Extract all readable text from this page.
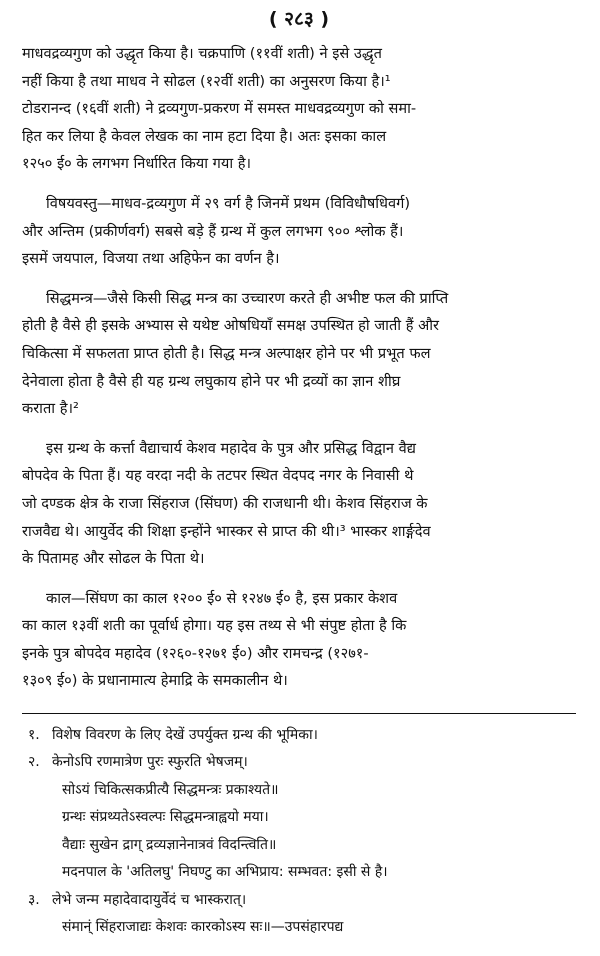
( २८३ )
माधवद्रव्यगुण को उद्धृत किया है। चक्रपाणि (११वीं शती) ने इसे उद्धृत
नहीं किया है तथा माधव ने सोढल (१२वीं शती) का अनुसरण किया है।¹
टोडरानन्द (१६वीं शती) ने द्रव्यगुण-प्रकरण में समस्त माधवद्रव्यगुण को समा-
हित कर लिया है केवल लेखक का नाम हटा दिया है। अतः इसका काल
१२५० ई० के लगभग निर्धारित किया गया है।
विषयवस्तु—माधव-द्रव्यगुण में २९ वर्ग है जिनमें प्रथम (विविधौषधिवर्ग)
और अन्तिम (प्रकीर्णवर्ग) सबसे बड़े हैं ग्रन्थ में कुल लगभग ९०० श्लोक हैं।
इसमें जयपाल, विजया तथा अहिफेन का वर्णन है।
सिद्धमन्त्र—जैसे किसी सिद्ध मन्त्र का उच्चारण करते ही अभीष्ट फल की प्राप्ति
होती है वैसे ही इसके अभ्यास से यथेष्ट ओषधियाँ समक्ष उपस्थित हो जाती हैं और
चिकित्सा में सफलता प्राप्त होती है। सिद्ध मन्त्र अल्पाक्षर होने पर भी प्रभूत फल
देनेवाला होता है वैसे ही यह ग्रन्थ लघुकाय होने पर भी द्रव्यों का ज्ञान शीघ्र
कराता है।²
इस ग्रन्थ के कर्त्ता वैद्याचार्य केशव महादेव के पुत्र और प्रसिद्ध विद्वान वैद्य
बोपदेव के पिता हैं। यह वरदा नदी के तटपर स्थित वेदपद नगर के निवासी थे
जो दण्डक क्षेत्र के राजा सिंहराज (सिंघण) की राजधानी थी। केशव सिंहराज के
राजवैद्य थे। आयुर्वेद की शिक्षा इन्होंने भास्कर से प्राप्त की थी।³ भास्कर शार्ङ्गदेव
के पितामह और सोढल के पिता थे।
काल—सिंघण का काल १२०० ई० से १२४७ ई० है, इस प्रकार केशव
का काल १३वीं शती का पूर्वार्ध होगा। यह इस तथ्य से भी संपुष्ट होता है कि
इनके पुत्र बोपदेव महादेव (१२६०-१२७१ ई०) और रामचन्द्र (१२७१-
१३०९ ई०) के प्रधानामात्य हेमाद्रि के समकालीन थे।
१. विशेष विवरण के लिए देखें उपर्युक्त ग्रन्थ की भूमिका।
२. केनोऽपि रणमात्रेण पुरः स्फुरति भेषजम्।
सोऽयं चिकित्सकप्रीत्यै सिद्धमन्त्रः प्रकाश्यते॥
ग्रन्थः संप्रथ्यतेऽस्वल्पः सिद्धमन्त्राह्वयो मया।
वैद्याः सुखेन द्राग् द्रव्यज्ञानेनात्रवं विदन्त्विति॥
मदनपाल के 'अतिलघु' निघण्टु का अभिप्राय: सम्भवत: इसी से है।
३. लेभे जन्म महादेवादायुर्वेदं च भास्करात्।
संमान्ं सिंहराजाद्यः केशवः कारकोऽस्य सः॥—उपसंहारपद्य
